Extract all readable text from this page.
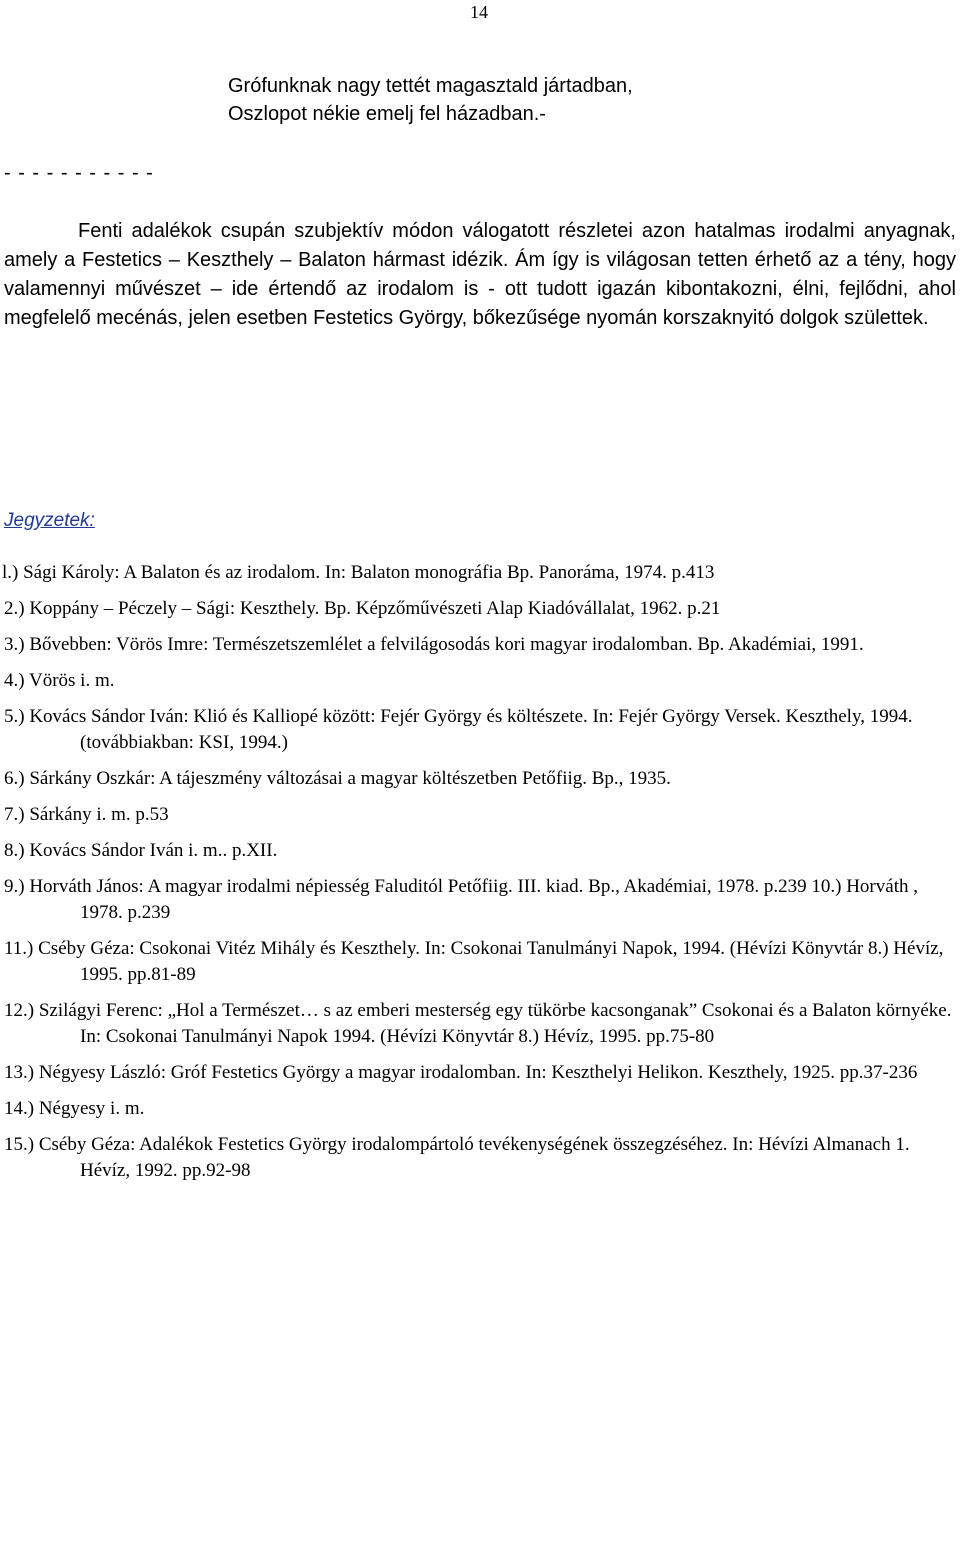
14
Grófunknak nagy tettét magasztald jártadban,
Oszlopot nékie emelj fel házadban.-
- - - - - - - - - - -

Fenti adalékok csupán szubjektív módon válogatott részletei azon hatalmas irodalmi anyagnak, amely a Festetics – Keszthely – Balaton hármast idézik. Ám így is világosan tetten érhető az a tény, hogy valamennyi művészet – ide értendő az irodalom is - ott tudott igazán kibontakozni, élni, fejlődni, ahol megfelelő mecénás, jelen esetben Festetics György, bőkezűsége nyomán korszaknyitó dolgok születtek.

Jegyzetek:
l.) Sági Károly: A Balaton és az irodalom. In: Balaton monográfia Bp. Panoráma, 1974. p.413
2.) Koppány – Péczely – Sági: Keszthely. Bp. Képzőművészeti Alap Kiadóvállalat, 1962. p.21
3.) Bővebben: Vörös Imre: Természetszemlélet a felvilágosodás kori magyar irodalomban. Bp. Akadémiai, 1991.
4.) Vörös i. m.
5.) Kovács Sándor Iván: Klió és Kalliopé között: Fejér György és költészete. In: Fejér György Versek. Keszthely, 1994. (továbbiakban: KSI, 1994.)
6.) Sárkány Oszkár: A tájeszmény változásai a magyar költészetben Petőfiig. Bp., 1935.
7.) Sárkány i. m. p.53
8.) Kovács Sándor Iván i. m.. p.XII.
9.) Horváth János: A magyar irodalmi népiesség Faluditól Petőfiig. III. kiad. Bp., Akadémiai, 1978. p.239 10.) Horváth , 1978. p.239
11.) Cséby Géza: Csokonai Vitéz Mihály és Keszthely. In: Csokonai Tanulmányi Napok, 1994. (Hévízi Könyvtár 8.) Hévíz, 1995. pp.81-89
12.) Szilágyi Ferenc: „Hol a Természet… s az emberi mesterség egy tükörbe kacsonganak” Csokonai és a Balaton környéke. In: Csokonai Tanulmányi Napok 1994. (Hévízi Könyvtár 8.) Hévíz, 1995. pp.75-80
13.) Négyesy László: Gróf Festetics György a magyar irodalomban. In: Keszthelyi Helikon. Keszthely, 1925. pp.37-236
14.) Négyesy i. m.
15.) Cséby Géza: Adalékok Festetics György irodalompártoló tevékenységének összegzéséhez. In: Hévízi Almanach 1. Hévíz, 1992. pp.92-98
